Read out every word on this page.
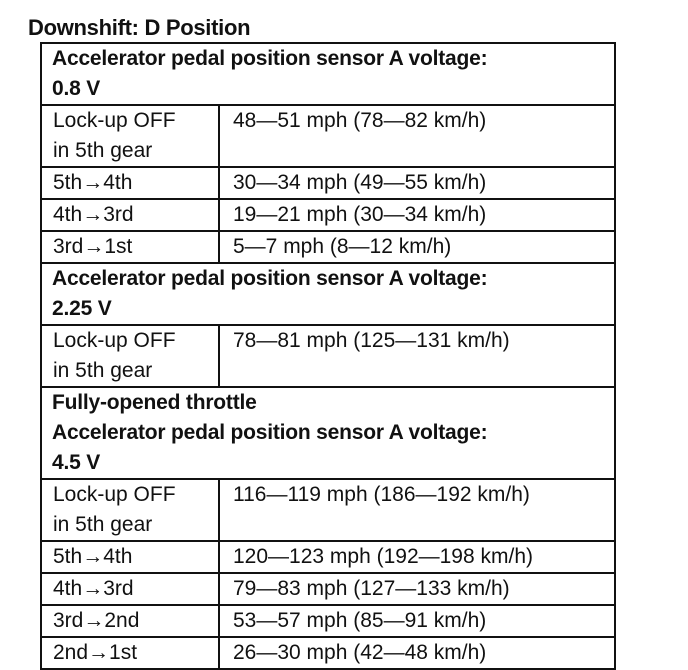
Downshift: D Position
Accelerator pedal position sensor A voltage:
0.8 V	

Lock-up OFF
in 5th gear	48—51 mph (78—82 km/h)

5th→4th	30—34 mph (49—55 km/h)

4th→3rd	19—21 mph (30—34 km/h)

3rd→1st	5—7 mph (8—12 km/h)

Accelerator pedal position sensor A voltage:
2.25 V	

Lock-up OFF
in 5th gear	78—81 mph (125—131 km/h)

Fully-opened throttle
Accelerator pedal position sensor A voltage:
4.5 V	

Lock-up OFF
in 5th gear	116—119 mph (186—192 km/h)

5th→4th	120—123 mph (192—198 km/h)

4th→3rd	79—83 mph (127—133 km/h)

3rd→2nd	53—57 mph (85—91 km/h)

2nd→1st	26—30 mph (42—48 km/h)
